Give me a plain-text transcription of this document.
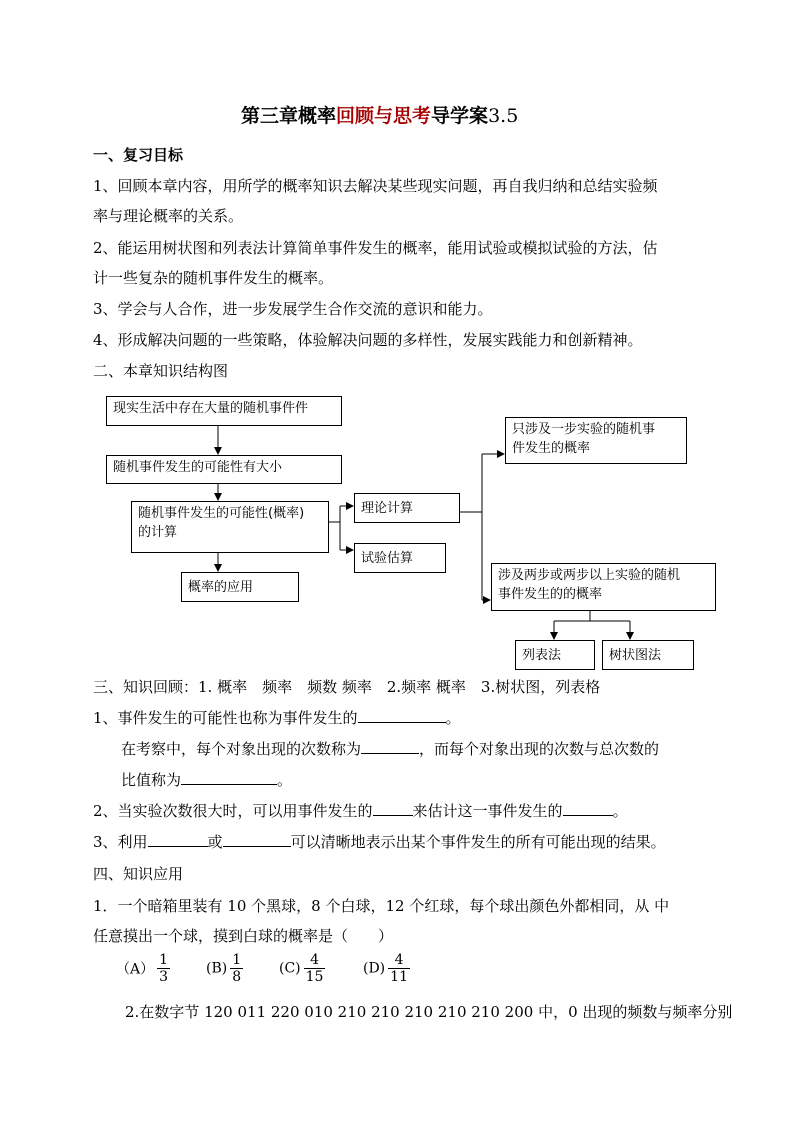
第三章概率回顾与思考导学案3.5
一、复习目标
1、回顾本章内容，用所学的概率知识去解决某些现实问题，再自我归纳和总结实验频
率与理论概率的关系。
2、能运用树状图和列表法计算简单事件发生的概率，能用试验或模拟试验的方法，估
计一些复杂的随机事件发生的概率。
3、学会与人合作，进一步发展学生合作交流的意识和能力。
4、形成解决问题的一些策略，体验解决问题的多样性，发展实践能力和创新精神。
二、本章知识结构图
现实生活中存在大量的随机事件件
随机事件发生的可能性有大小
随机事件发生的可能性(概率)
的计算
概率的应用
理论计算
试验估算
只涉及一步实验的随机事
件发生的概率
涉及两步或两步以上实验的随机
事件发生的的概率
列表法	树状图法
三、知识回顾：1. 概率　频率　频数 频率　2.频率 概率　3.树状图，列表格
1、事件发生的可能性也称为事件发生的	。
在考察中，每个对象出现的次数称为	，而每个对象出现的次数与总次数的
比值称为	。
2、当实验次数很大时，可以用事件发生的	来估计这一事件发生的	。
3、利用	或	可以清晰地表示出某个事件发生的所有可能出现的结果。
四、知识应用
1．一个暗箱里装有 10 个黑球，8 个白球，12 个红球，每个球出颜色外都相同，从 中
任意摸出一个球，摸到白球的概率是（　　）
$(A) \frac{1}{3}$	$(B) \frac{1}{8}$	$(C) \frac{4}{15}$	$(D) \frac{4}{11}$
2.在数字节 120 011 220 010 210 210 210 210 210 200 中，0 出现的频数与频率分别
